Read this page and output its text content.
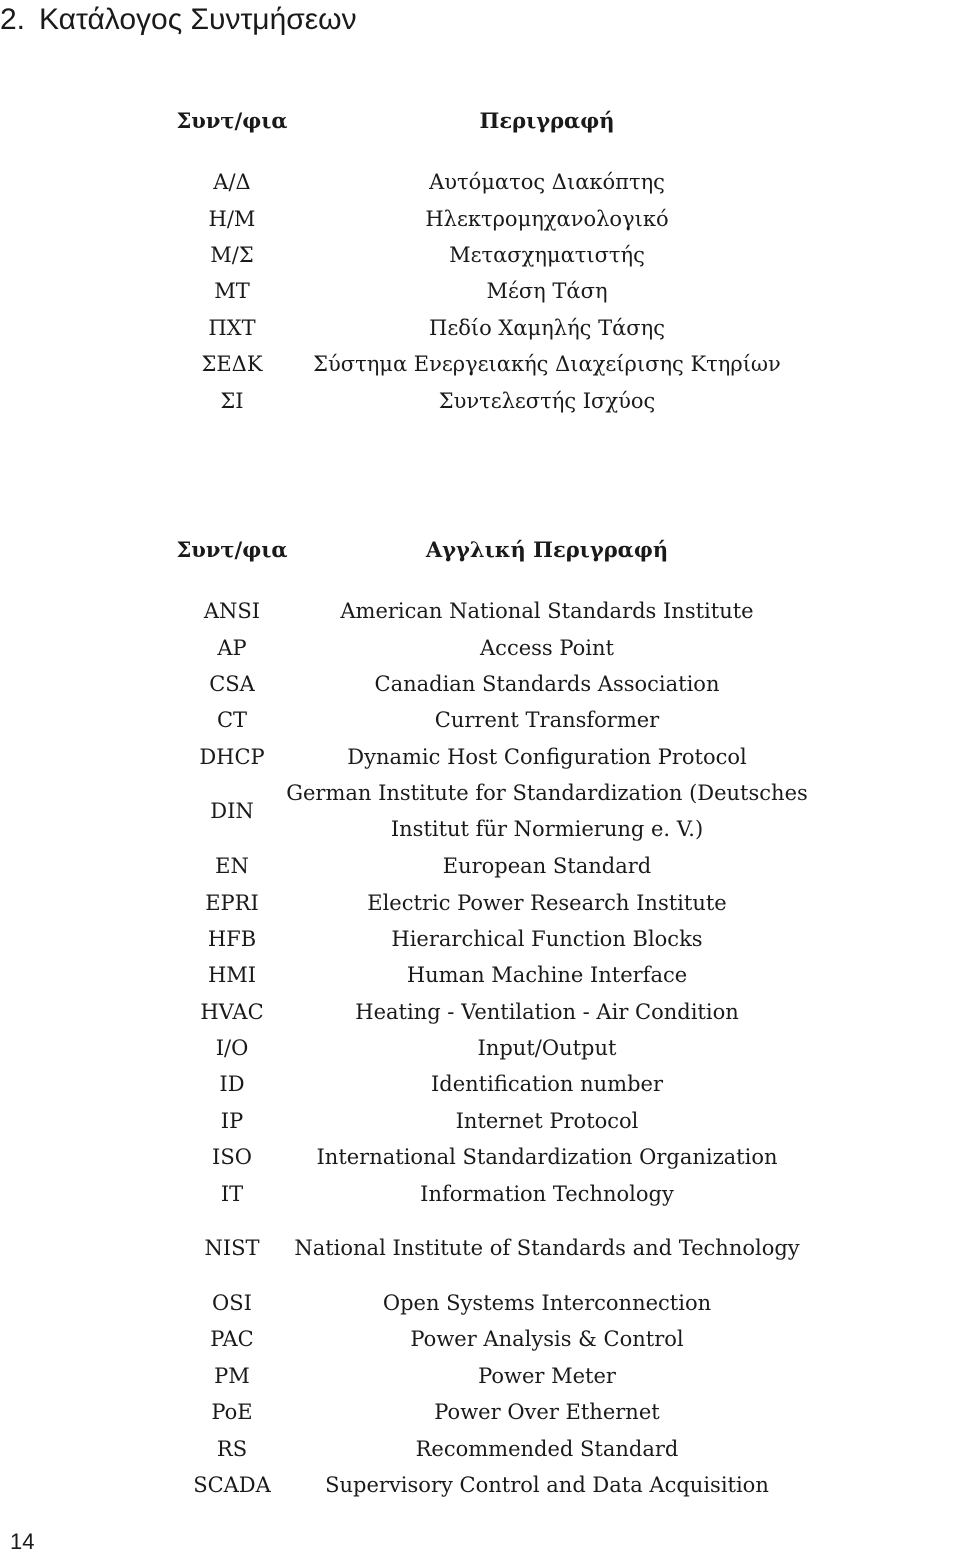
2. Κατάλογος Συντμήσεων
Συντ/φια	Περιγραφή

Α/Δ	Αυτόματος Διακόπτης

Η/Μ	Ηλεκτρομηχανολογικό

Μ/Σ	Μετασχηματιστής

ΜΤ	Μέση Τάση

ΠΧΤ	Πεδίο Χαμηλής Τάσης

ΣΕΔΚ	Σύστημα Ενεργειακής Διαχείρισης Κτηρίων

ΣΙ	Συντελεστής Ισχύος
Συντ/φια	Αγγλική Περιγραφή

ANSI	American National Standards Institute

AP	Access Point

CSA	Canadian Standards Association

CT	Current Transformer

DHCP	Dynamic Host Configuration Protocol

DIN	German Institute for Standardization (Deutsches Institut für Normierung e. V.)

EN	European Standard

EPRI	Electric Power Research Institute

HFB	Hierarchical Function Blocks

HMI	Human Machine Interface

HVAC	Heating - Ventilation - Air Condition

I/O	Input/Output

ID	Identification number

IP	Internet Protocol

ISO	International Standardization Organization

IT	Information Technology

NIST	National Institute of Standards and Technology

OSI	Open Systems Interconnection

PAC	Power Analysis & Control

PM	Power Meter

PoE	Power Over Ethernet

RS	Recommended Standard

SCADA	Supervisory Control and Data Acquisition
14
